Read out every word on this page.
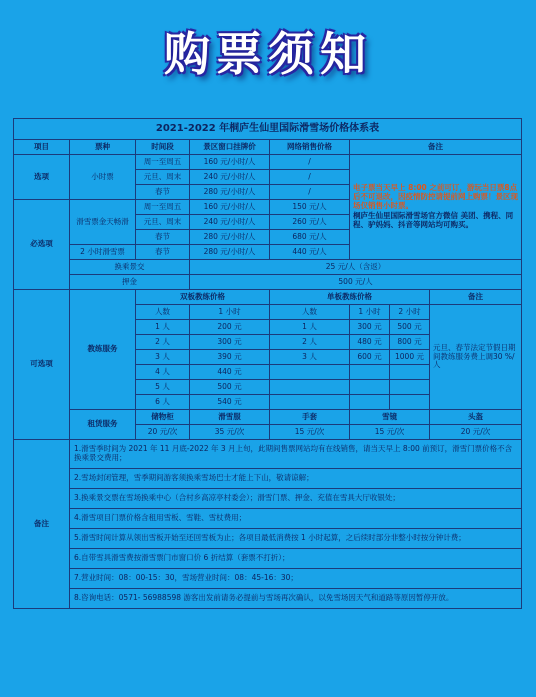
购票须知
2021-2022 年桐庐生仙里国际滑雪场价格体系表							
项目	票种	时间段	景区窗口挂牌价	网络销售价格	备注		
选项	小时票	周一至周五	160 元/小时/人	/	电子票当天早上 8:00 之前可订，游玩当日票8点后不可退改，因疫情防控请提前网上购票！景区现场仅销售小时票。
桐庐生仙里国际滑雪场官方微信 美团、携程、同程、驴妈妈、抖音等网站均可购买。		

		元旦、周末	240 元/小时/人	/			
		春节	280 元/小时/人	/			
必选项	滑雪票金天畅滑	周一至周五	160 元/小时/人	150 元/人			
		元旦、周末	240 元/小时/人	260 元/人			
		春节	280 元/小时/人	680 元/人			
	2 小时滑雪票	春节	280 元/小时/人	440 元/人			
	换乘景交		25 元/人（含返）				
	押金		500 元/人				
可选项	教练服务	双板教练价格		单板教练价格			备注
		人数	1 小时	人数	1 小时	2 小时	元旦、春节法定节假日期间教练服务费上调30 %/人
		1 人	200 元	1 人	300 元	500 元	
		2 人	300 元	2 人	480 元	800 元	
		3 人	390 元	3 人	600 元	1000 元	
		4 人	440 元				
		5 人	500 元				
		6 人	540 元				
	租赁服务	储物柜	滑雪服	手套	雪镜		头盔
		20 元/次	35 元/次	15 元/次	15 元/次		20 元/次
备注	1.滑雪季时间为 2021 年 11 月底-2022 年 3 月上旬，此期间售票网站均有在线销售，请当天早上 8:00 前预订，滑雪门票价格不含换乘景交费用；						
	2.雪场封闭管理，雪季期间游客须换乘雪场巴士才能上下山，敬请谅解；						
	3.换乘景交票在雪场换乘中心（合村乡高凉亭村委会）；滑雪门票、押金、充值在雪具大厅收银处；						
	4.滑雪项目门票价格含租用雪板、雪鞋、雪杖费用；						
	5.滑雪时间计算从领出雪板开始至还回雪板为止；各项目最低消费按 1 小时起算，之后续时部分非整小时按分钟计费；						
	6.自带雪具滑雪费按滑雪票门市窗口价 6 折结算（套票不打折）；						
	7.营业时间：08：00-15：30，雪场营业时间：08：45-16：30；						
	8.咨询电话：0571- 56988598 游客出发前请务必提前与雪场再次确认，以免雪场因天气和道路等原因暂停开放。						
